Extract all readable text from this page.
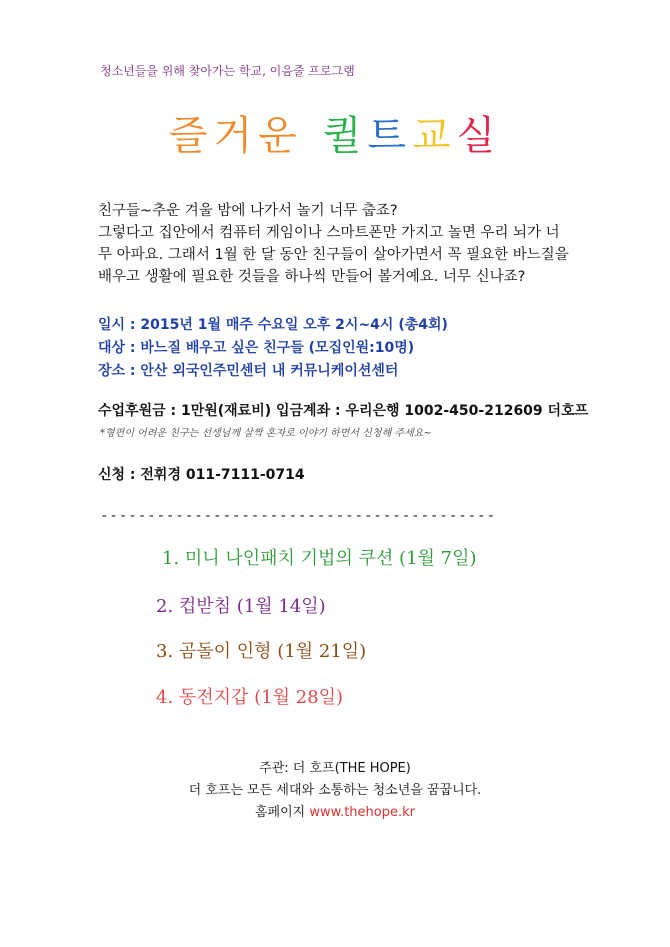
청소년들을 위해 찾아가는 학교, 이음줄 프로그램
즐거운 퀼트교실
친구들~추운 겨울 밤에 나가서 놀기 너무 춥죠?
그렇다고 집안에서 컴퓨터 게임이나 스마트폰만 가지고 놀면 우리 뇌가 너
무 아파요. 그래서 1월 한 달 동안 친구들이 살아가면서 꼭 필요한 바느질을
배우고 생활에 필요한 것들을 하나씩 만들어 볼거예요. 너무 신나죠?
일시 : 2015년 1월 매주 수요일 오후 2시~4시 (총4회)
대상 : 바느질 배우고 싶은 친구들 (모집인원:10명)
장소 : 안산 외국인주민센터 내 커뮤니케이션센터
수업후원금 : 1만원(재료비) 입금계좌 : 우리은행 1002-450-212609 더호프
*형편이 어려운 친구는 선생님께 살짝 혼자로 이야기 하면서 신청해 주세요~
신청 : 전휘경 011-7111-0714
------------------------------------------
1. 미니 나인패치 기법의 쿠션 (1월 7일)
2. 컵받침 (1월 14일)
3. 곰돌이 인형 (1월 21일)
4. 동전지갑 (1월 28일)
주관: 더 호프(THE HOPE)
더 호프는 모든 세대와 소통하는 청소년을 꿈꿉니다.
홈페이지 www.thehope.kr
